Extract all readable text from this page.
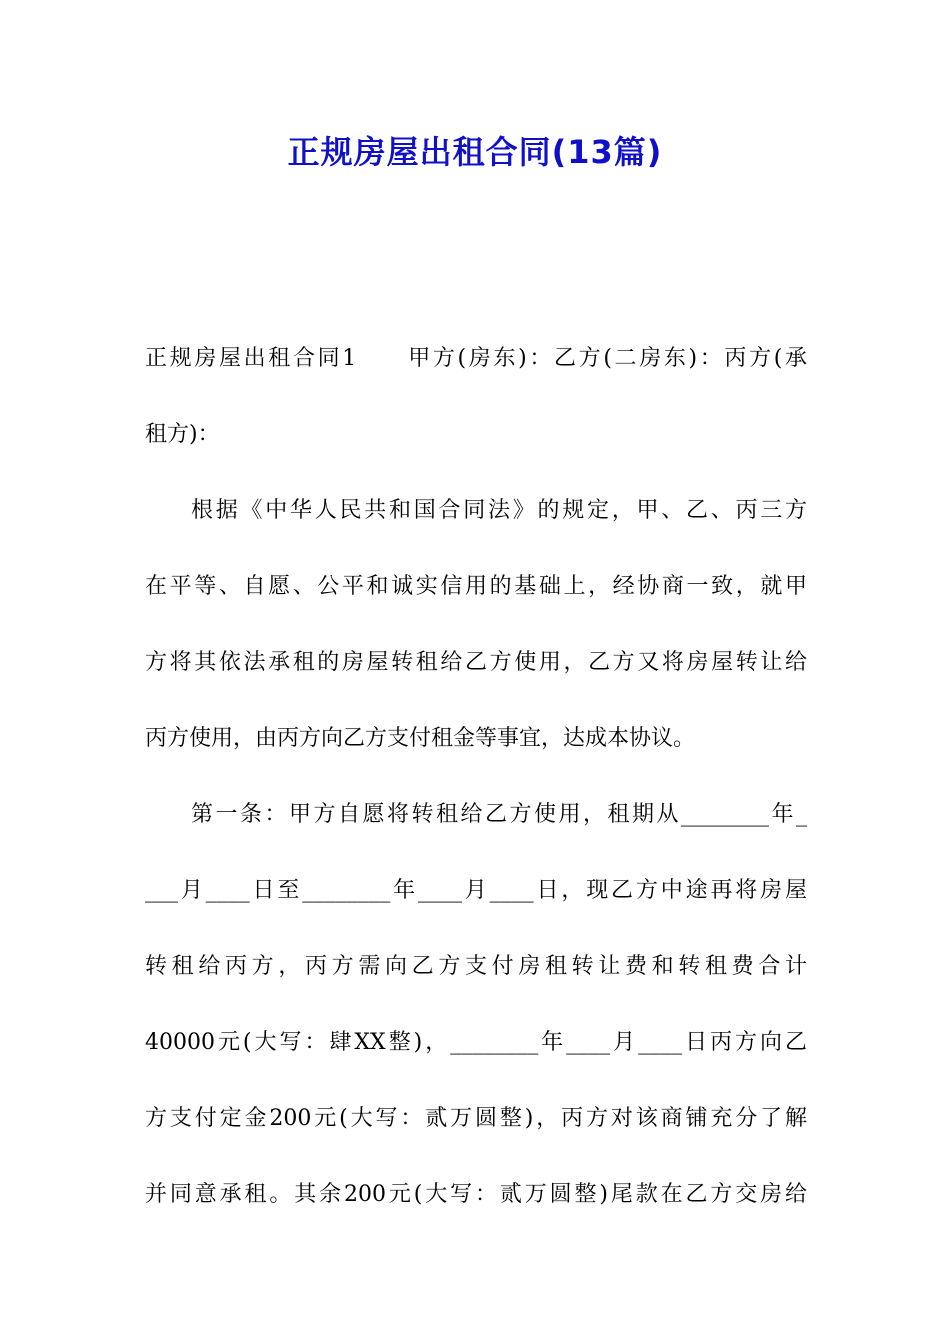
正规房屋出租合同(13篇)
正规房屋出租合同1　　甲方(房东)：乙方(二房东)：丙方(承
租方)：
根据《中华人民共和国合同法》的规定，甲、乙、丙三方
在平等、自愿、公平和诚实信用的基础上，经协商一致，就甲
方将其依法承租的房屋转租给乙方使用，乙方又将房屋转让给
丙方使用，由丙方向乙方支付租金等事宜，达成本协议。
第一条：甲方自愿将转租给乙方使用，租期从________年_
___月____日至________年____月____日，现乙方中途再将房屋
转租给丙方，丙方需向乙方支付房租转让费和转租费合计
40000元(大写：肆XX整)，________年____月____日丙方向乙
方支付定金200元(大写：贰万圆整)，丙方对该商铺充分了解
并同意承租。其余200元(大写：贰万圆整)尾款在乙方交房给
